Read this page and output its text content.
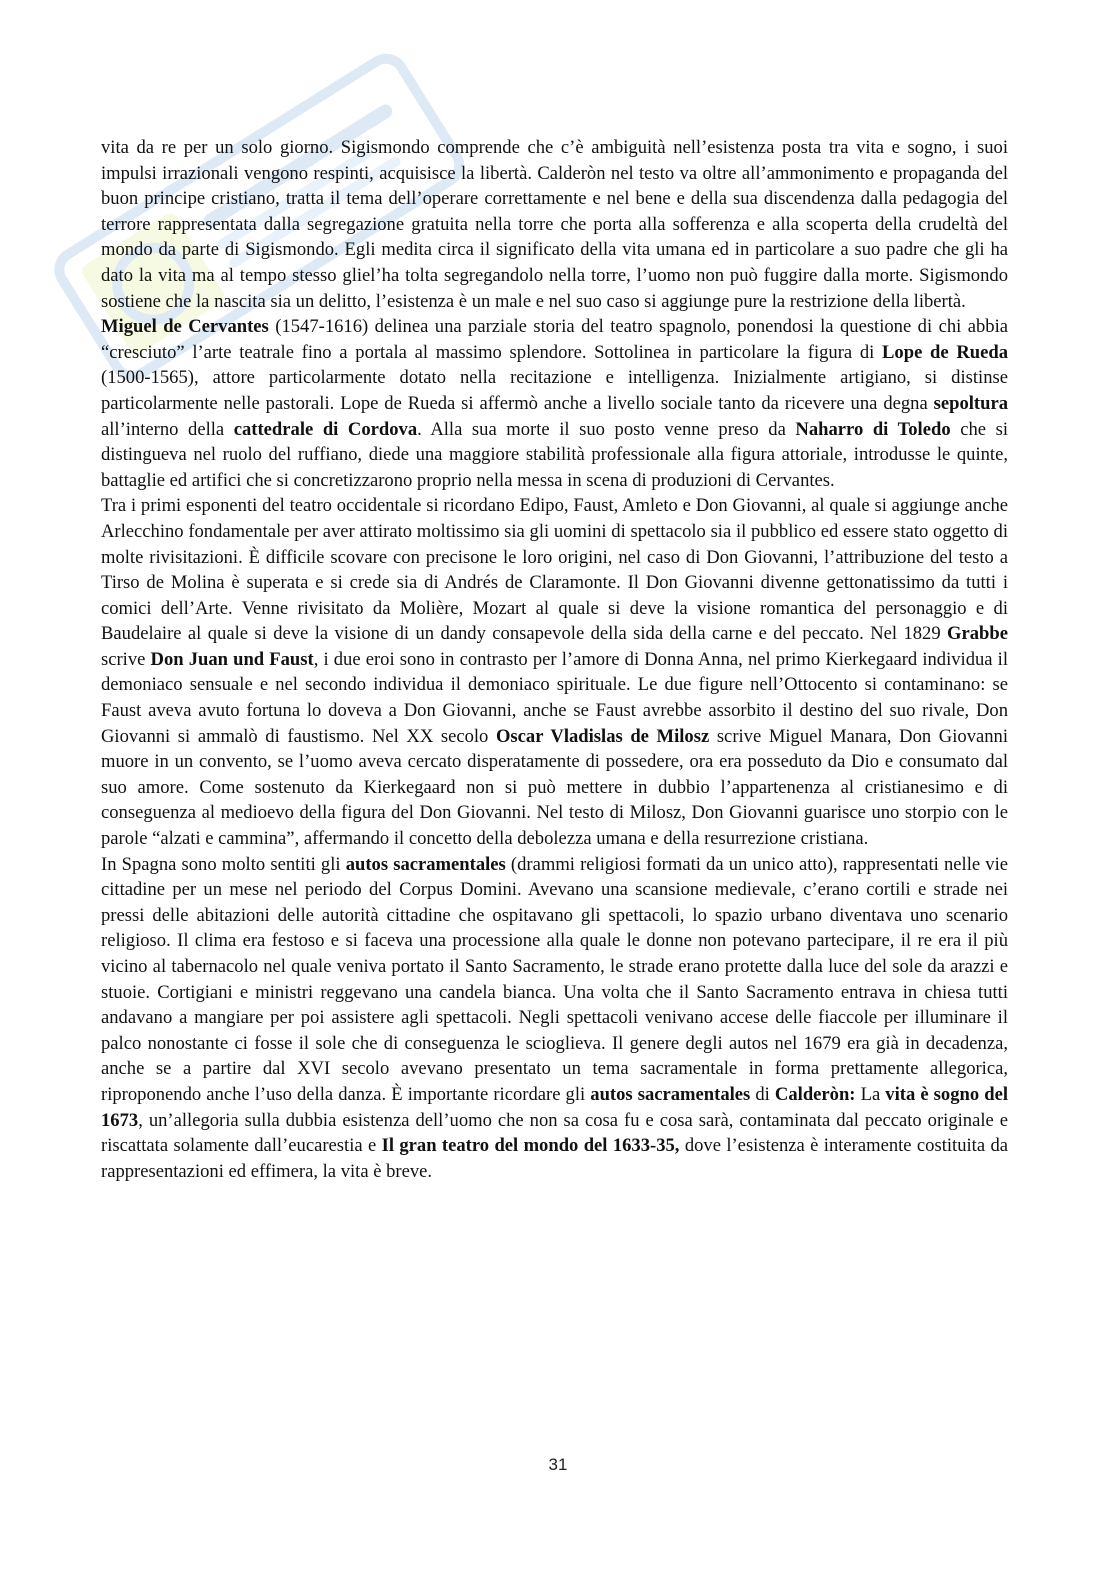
vita da re per un solo giorno. Sigismondo comprende che c’è ambiguità nell’esistenza posta tra vita e sogno, i suoi impulsi irrazionali vengono respinti, acquisisce la libertà. Calderòn nel testo va oltre all’ammonimento e propaganda del buon principe cristiano, tratta il tema dell’operare correttamente e nel bene e della sua discendenza dalla pedagogia del terrore rappresentata dalla segregazione gratuita nella torre che porta alla sofferenza e alla scoperta della crudeltà del mondo da parte di Sigismondo. Egli medita circa il significato della vita umana ed in particolare a suo padre che gli ha dato la vita ma al tempo stesso gliel’ha tolta segregandolo nella torre, l’uomo non può fuggire dalla morte. Sigismondo sostiene che la nascita sia un delitto, l’esistenza è un male e nel suo caso si aggiunge pure la restrizione della libertà.

Miguel de Cervantes (1547-1616) delinea una parziale storia del teatro spagnolo, ponendosi la questione di chi abbia “cresciuto” l’arte teatrale fino a portala al massimo splendore. Sottolinea in particolare la figura di Lope de Rueda (1500-1565), attore particolarmente dotato nella recitazione e intelligenza. Inizialmente artigiano, si distinse particolarmente nelle pastorali. Lope de Rueda si affermò anche a livello sociale tanto da ricevere una degna sepoltura all’interno della cattedrale di Cordova. Alla sua morte il suo posto venne preso da Naharro di Toledo che si distingueva nel ruolo del ruffiano, diede una maggiore stabilità professionale alla figura attoriale, introdusse le quinte, battaglie ed artifici che si concretizzarono proprio nella messa in scena di produzioni di Cervantes.

Tra i primi esponenti del teatro occidentale si ricordano Edipo, Faust, Amleto e Don Giovanni, al quale si aggiunge anche Arlecchino fondamentale per aver attirato moltissimo sia gli uomini di spettacolo sia il pubblico ed essere stato oggetto di molte rivisitazioni. È difficile scovare con precisone le loro origini, nel caso di Don Giovanni, l’attribuzione del testo a Tirso de Molina è superata e si crede sia di Andrés de Claramonte. Il Don Giovanni divenne gettonatissimo da tutti i comici dell’Arte. Venne rivisitato da Molière, Mozart al quale si deve la visione romantica del personaggio e di Baudelaire al quale si deve la visione di un dandy consapevole della sida della carne e del peccato. Nel 1829 Grabbe scrive Don Juan und Faust, i due eroi sono in contrasto per l’amore di Donna Anna, nel primo Kierkegaard individua il demoniaco sensuale e nel secondo individua il demoniaco spirituale. Le due figure nell’Ottocento si contaminano: se Faust aveva avuto fortuna lo doveva a Don Giovanni, anche se Faust avrebbe assorbito il destino del suo rivale, Don Giovanni si ammalò di faustismo. Nel XX secolo Oscar Vladislas de Milosz scrive Miguel Manara, Don Giovanni muore in un convento, se l’uomo aveva cercato disperatamente di possedere, ora era posseduto da Dio e consumato dal suo amore. Come sostenuto da Kierkegaard non si può mettere in dubbio l’appartenenza al cristianesimo e di conseguenza al medioevo della figura del Don Giovanni. Nel testo di Milosz, Don Giovanni guarisce uno storpio con le parole “alzati e cammina”, affermando il concetto della debolezza umana e della resurrezione cristiana.

In Spagna sono molto sentiti gli autos sacramentales (drammi religiosi formati da un unico atto), rappresentati nelle vie cittadine per un mese nel periodo del Corpus Domini. Avevano una scansione medievale, c’erano cortili e strade nei pressi delle abitazioni delle autorità cittadine che ospitavano gli spettacoli, lo spazio urbano diventava uno scenario religioso. Il clima era festoso e si faceva una processione alla quale le donne non potevano parteciparе, il re era il più vicino al tabernacolo nel quale veniva portato il Santo Sacramento, le strade erano protette dalla luce del sole da arazzi e stuoie. Cortigiani e ministri reggevano una candela bianca. Una volta che il Santo Sacramento entrava in chiesa tutti andavano a mangiare per poi assistere agli spettacoli. Negli spettacoli venivano accese delle fiaccole per illuminare il palco nonostante ci fosse il sole che di conseguenza le scioglieva. Il genere degli autos nel 1679 era già in decadenza, anche se a partire dal XVI secolo avevano presentato un tema sacramentale in forma prettamente allegorica, riproponendo anche l’uso della danza. È importante ricordare gli autos sacramentales di Calderòn: La vita è sogno del 1673, un’allegoria sulla dubbia esistenza dell’uomo che non sa cosa fu e cosa sarà, contaminata dal peccato originale e riscattata solamente dall’eucarestia e Il gran teatro del mondo del 1633-35, dove l’esistenza è interamente costituita da rappresentazioni ed effimera, la vita è breve.

31
